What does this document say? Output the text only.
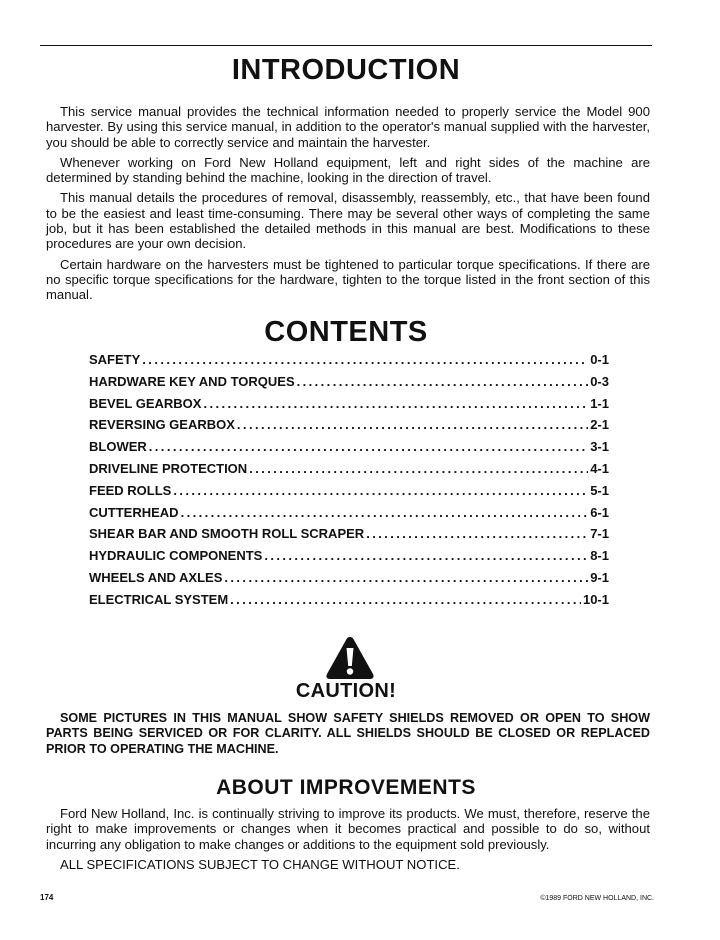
INTRODUCTION

This service manual provides the technical information needed to properly service the Model 900 harvester. By using this service manual, in addition to the operator's manual supplied with the harvester, you should be able to correctly service and maintain the harvester.

Whenever working on Ford New Holland equipment, left and right sides of the machine are determined by standing behind the machine, looking in the direction of travel.

This manual details the procedures of removal, disassembly, reassembly, etc., that have been found to be the easiest and least time-consuming. There may be several other ways of completing the same job, but it has been established the detailed methods in this manual are best. Modifications to these procedures are your own decision.

Certain hardware on the harvesters must be tightened to particular torque specifications. If there are no specific torque specifications for the hardware, tighten to the torque listed in the front section of this manual.

CONTENTS
SAFETY .....	0-1
HARDWARE KEY AND TORQUES .....	0-3
BEVEL GEARBOX .....	1-1
REVERSING GEARBOX .....	2-1
BLOWER .....	3-1
DRIVELINE PROTECTION .....	4-1
FEED ROLLS .....	5-1
CUTTERHEAD .....	6-1
SHEAR BAR AND SMOOTH ROLL SCRAPER .....	7-1
HYDRAULIC COMPONENTS .....	8-1
WHEELS AND AXLES .....	9-1
ELECTRICAL SYSTEM .....	10-1
CAUTION!
SOME PICTURES IN THIS MANUAL SHOW SAFETY SHIELDS REMOVED OR OPEN TO SHOW PARTS BEING SERVICED OR FOR CLARITY. ALL SHIELDS SHOULD BE CLOSED OR REPLACED PRIOR TO OPERATING THE MACHINE.
ABOUT IMPROVEMENTS

Ford New Holland, Inc. is continually striving to improve its products. We must, therefore, reserve the right to make improvements or changes when it becomes practical and possible to do so, without incurring any obligation to make changes or additions to the equipment sold previously.

ALL SPECIFICATIONS SUBJECT TO CHANGE WITHOUT NOTICE.

174	©1989 FORD NEW HOLLAND, INC.
